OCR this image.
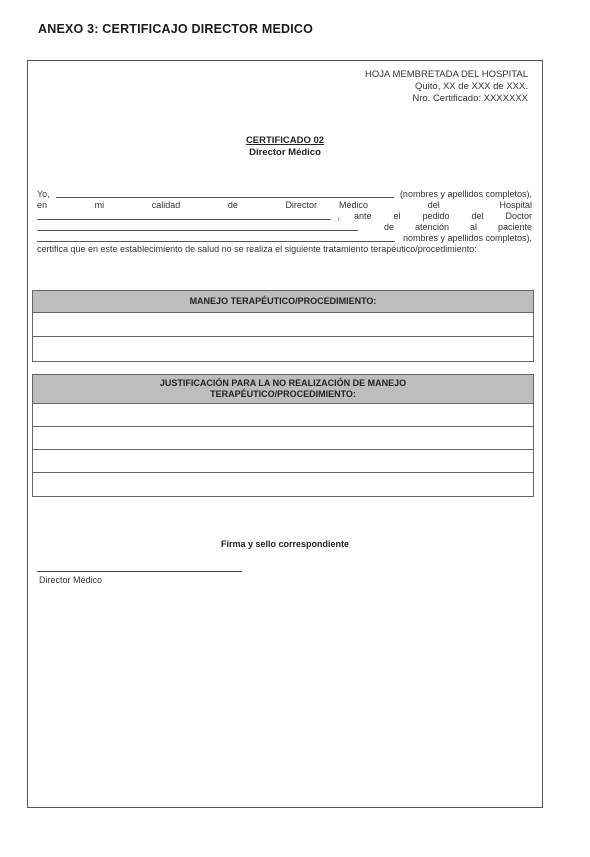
ANEXO 3: CERTIFICAJO DIRECTOR MEDICO
HOJA MEMBRETADA DEL HOSPITAL
Quito, XX de XXX de XXX.
Nro. Certificado: XXXXXXX
CERTIFICADO 02
Director Médico
Yo,	(nombres y apellidos completos),
en	mi	calidad	de	Director Médico	del	Hospital
, ante el pedido del Doctor
de atención al paciente
nombres y apellidos completos),
certifica que en este establecimiento de salud no se realiza el siguiente tratamiento terapéutico/procedimiento:
MANEJO TERAPÉUTICO/PROCEDIMIENTO:
JUSTIFICACIÓN PARA LA NO REALIZACIÓN DE MANEJO
TERAPÉUTICO/PROCEDIMIENTO:
Firma y sello correspondiente
Director Médico
